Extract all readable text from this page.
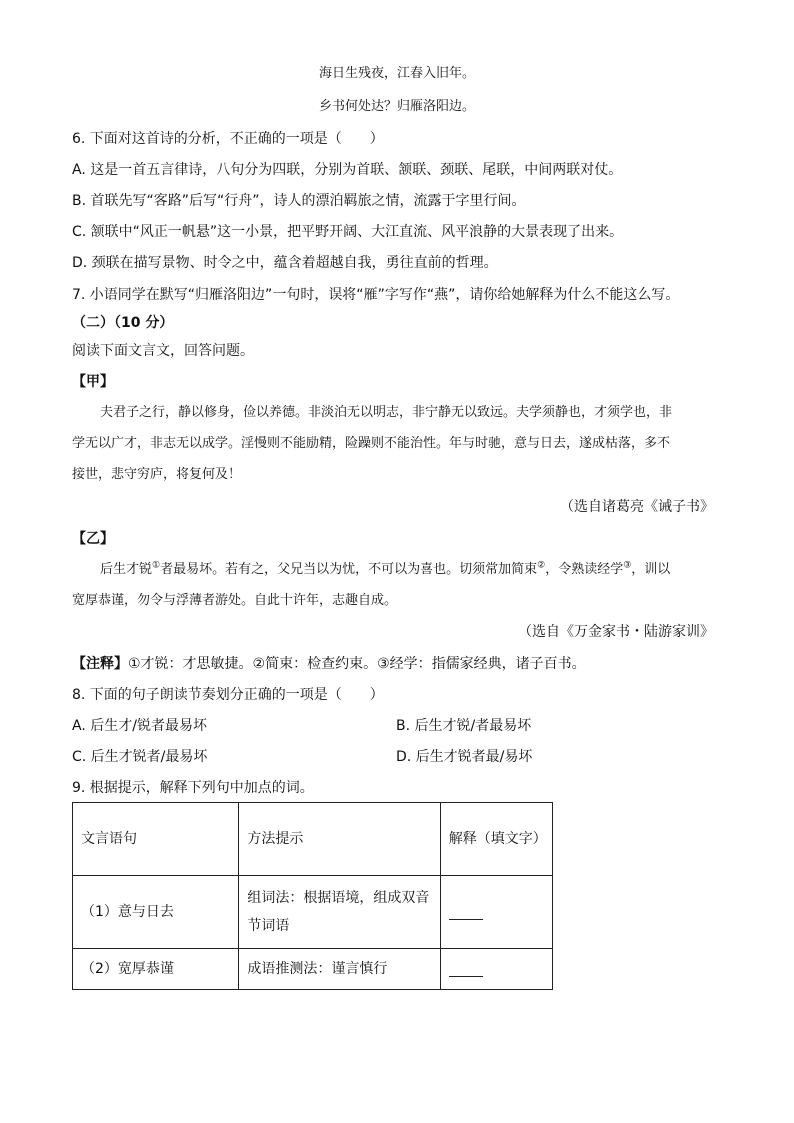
海日生残夜，江春入旧年。
乡书何处达？归雁洛阳边。
6. 下面对这首诗的分析，不正确的一项是（　　）
A. 这是一首五言律诗，八句分为四联，分别为首联、颔联、颈联、尾联，中间两联对仗。
B. 首联先写“客路”后写“行舟”，诗人的漂泊羁旅之情，流露于字里行间。
C. 颔联中“风正一帆悬”这一小景，把平野开阔、大江直流、风平浪静的大景表现了出来。
D. 颈联在描写景物、时令之中，蕴含着超越自我，勇往直前的哲理。
7. 小语同学在默写“归雁洛阳边”一句时，误将“雁”字写作“燕”，请你给她解释为什么不能这么写。
（二）（10 分）
阅读下面文言文，回答问题。
【甲】
夫君子之行，静以修身，俭以养德。非淡泊无以明志，非宁静无以致远。夫学须静也，才须学也，非
学无以广才，非志无以成学。淫慢则不能励精，险躁则不能治性。年与时驰，意与日去，遂成枯落，多不
接世，悲守穷庐，将复何及！
（选自诸葛亮《诫子书》
【乙】
后生才锐①者最易坏。若有之，父兄当以为忧，不可以为喜也。切须常加简束②，令熟读经学③，训以
宽厚恭谨，勿令与浮薄者游处。自此十许年，志趣自成。
（选自《万金家书・陆游家训》
【注释】①才锐：才思敏捷。②简束：检查约束。③经学：指儒家经典，诸子百书。
8. 下面的句子朗读节奏划分正确的一项是（　　）
A. 后生才/锐者最易坏	B. 后生才锐/者最易坏
C. 后生才锐者/最易坏	D. 后生才锐者最/易坏
9. 根据提示，解释下列句中加点的词。
文言语句	方法提示	解释（填文字）
（1）意与日去	组词法：根据语境，组成双音节词语	
（2）宽厚恭谨	成语推测法：谨言慎行	
